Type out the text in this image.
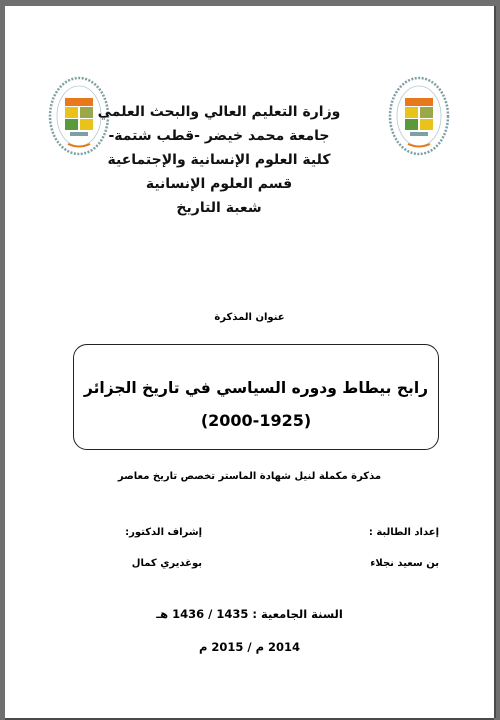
وزارة التعليم العالي والبحث العلمي
جامعة محمد خيضر -قطب شتمة-
كلية العلوم الإنسانية والإجتماعية
قسم العلوم الإنسانية
شعبة التاريخ
عنوان المذكرة
رابح بيطاط ودوره السياسي في تاريخ الجزائر
(2000-1925)
مذكرة مكملة لنيل شهادة الماستر تخصص تاريخ معاصر
إعداد الطالبة :
بن سعيد نجلاء
إشراف الدكتور:
بوغديري كمال
السنة الجامعية : 1435 / 1436 هـ
2014 م / 2015 م
